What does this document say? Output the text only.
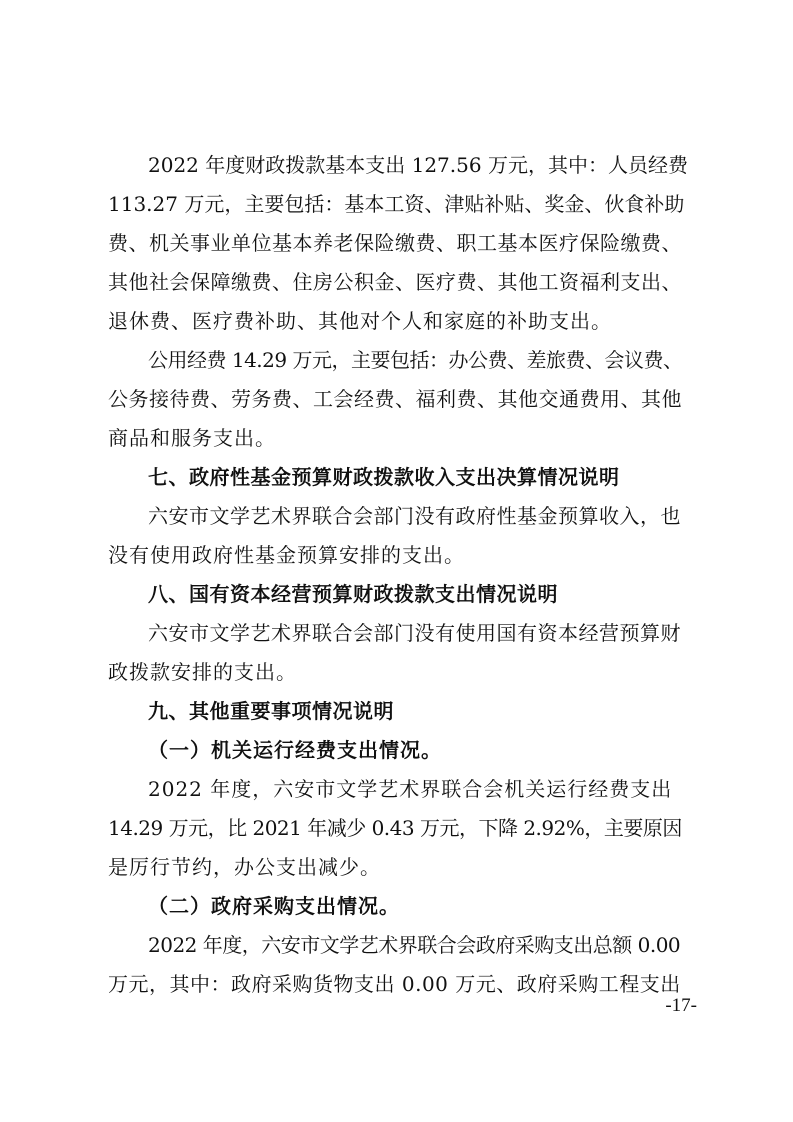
2022 年度财政拨款基本支出 127.56 万元，其中：人员经费
113.27 万元，主要包括：基本工资、津贴补贴、奖金、伙食补助
费、机关事业单位基本养老保险缴费、职工基本医疗保险缴费、
其他社会保障缴费、住房公积金、医疗费、其他工资福利支出、
退休费、医疗费补助、其他对个人和家庭的补助支出。
公用经费 14.29 万元，主要包括：办公费、差旅费、会议费、
公务接待费、劳务费、工会经费、福利费、其他交通费用、其他
商品和服务支出。
七、政府性基金预算财政拨款收入支出决算情况说明
六安市文学艺术界联合会部门没有政府性基金预算收入，也
没有使用政府性基金预算安排的支出。
八、国有资本经营预算财政拨款支出情况说明
六安市文学艺术界联合会部门没有使用国有资本经营预算财
政拨款安排的支出。
九、其他重要事项情况说明
（一）机关运行经费支出情况。
2022 年度，六安市文学艺术界联合会机关运行经费支出
14.29 万元，比 2021 年减少 0.43 万元，下降 2.92%，主要原因
是厉行节约，办公支出减少。
（二）政府采购支出情况。
2022 年度，六安市文学艺术界联合会政府采购支出总额 0.00
万元，其中：政府采购货物支出 0.00 万元、政府采购工程支出
-17-
